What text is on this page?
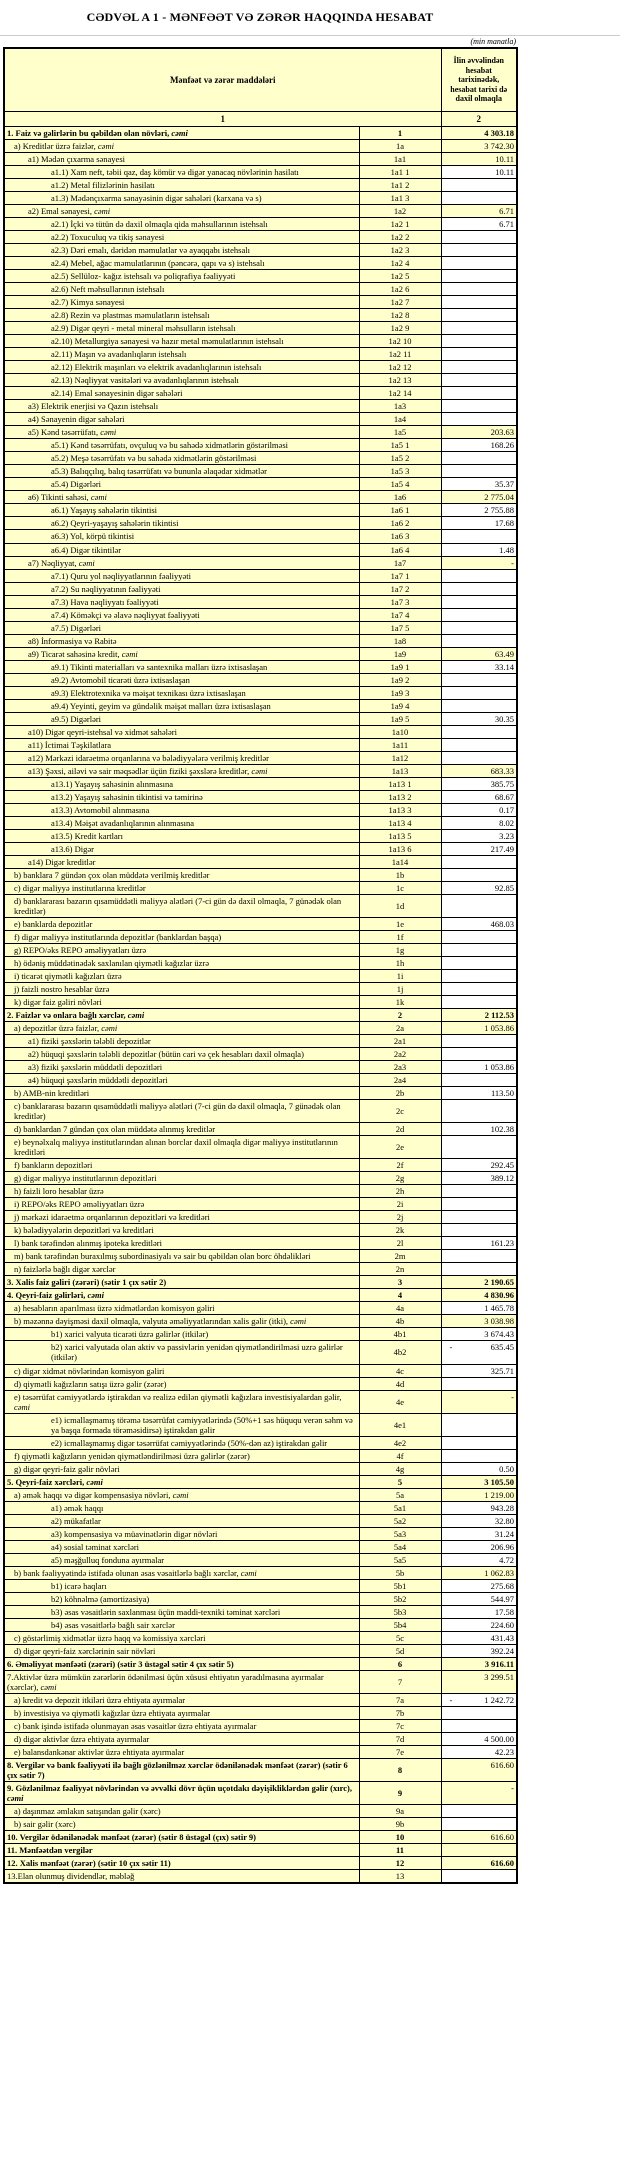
CƏDVƏL A 1 - MƏNFƏƏT VƏ ZƏRƏR HAQQINDA HESABAT
(min manatla)
Mənfəət və zərər maddələri		İlin əvvəlindən hesabat tarixinədək, hesabat tarixi də daxil olmaqla
1		2
1. Faiz və gəlirlərin bu qəbildən olan növləri, cəmi	1	4 303.18

a) Kreditlər üzrə faizlər, cəmi	1a	3 742.30

a1) Mədən çıxarma sənayesi	1a1	10.11

a1.1) Xam neft, təbii qaz, daş kömür və digər yanacaq növlərinin hasilatı	1a1 1	10.11

a1.2) Metal filizlərinin hasilatı	1a1 2	

a1.3) Mədənçıxarma sənayəsinin digər sahələri (karxana və s)	1a1 3	

a2) Emal sənayesi, cəmi	1a2	6.71

a2.1) İçki və tütün də daxil olmaqla qida məhsullarının istehsalı	1a2 1	6.71

a2.2) Toxuculuq və tikiş sənayesi	1a2 2	

a2.3) Dəri emalı, dəridən məmulatlar və ayaqqabı istehsalı	1a2 3	

a2.4) Mebel, ağac məmulatlarının (pəncərə, qapı və s) istehsalı	1a2 4	

a2.5) Sellüloz- kağız istehsalı və poliqrafiya fəaliyyəti	1a2 5	

a2.6) Neft məhsullarının istehsalı	1a2 6	

a2.7) Kimya sənayesi	1a2 7	

a2.8) Rezin və plastmas məmulatların istehsalı	1a2 8	

a2.9) Digər qeyri - metal mineral məhsulların istehsalı	1a2 9	

a2.10) Metallurgiya sənayesi və hazır metal məmulatlarının istehsalı	1a2 10	

a2.11) Maşın və avadanlıqların istehsalı	1a2 11	

a2.12) Elektrik maşınları və elektrik avadanlıqlarının istehsalı	1a2 12	

a2.13) Nəqliyyat vasitələri və avadanlıqlarının istehsalı	1a2 13	

a2.14) Emal sənayesinin digər sahələri	1a2 14	

a3) Elektrik enerjisi və Qazın istehsalı	1a3	

a4) Sənayenin digər sahələri	1a4	

a5) Kənd təsərrüfatı, cəmi	1a5	203.63

a5.1) Kənd təsərrüfatı, ovçuluq və bu sahədə xidmətlərin göstərilməsi	1a5 1	168.26

a5.2) Meşə təsərrüfatı və bu sahədə xidmətlərin göstərilməsi	1a5 2	

a5.3) Balıqçılıq, balıq təsərrüfatı və bununla əlaqədar xidmətlər	1a5 3	

a5.4) Digərləri	1a5 4	35.37

a6) Tikinti sahəsi, cəmi	1a6	2 775.04

a6.1) Yaşayış sahələrin tikintisi	1a6 1	2 755.88

a6.2) Qeyri-yaşayış sahələrin tikintisi	1a6 2	17.68

a6.3) Yol, körpü tikintisi	1a6 3	

a6.4) Digər tikintilər	1a6 4	1.48

a7) Nəqliyyat, cəmi	1a7	-

a7.1) Quru yol nəqliyyatlarının fəaliyyəti	1a7 1	

a7.2) Su nəqliyyatının fəaliyyəti	1a7 2	

a7.3) Hava nəqliyyatı fəaliyyəti	1a7 3	

a7.4) Köməkçi və əlavə nəqliyyat fəaliyyəti	1a7 4	

a7.5) Digərləri	1a7 5	

a8) İnformasiya və Rabitə	1a8	

a9) Ticarət sahəsinə kredit, cəmi	1a9	63.49

a9.1) Tikinti materialları və santexnika malları üzrə ixtisaslaşan	1a9 1	33.14

a9.2) Avtomobil ticarəti üzrə ixtisaslaşan	1a9 2	

a9.3) Elektrotexnika və məişət texnikası üzrə ixtisaslaşan	1a9 3	

a9.4) Yeyinti, geyim və gündəlik məişət malları üzrə ixtisaslaşan	1a9 4	

a9.5) Digərləri	1a9 5	30.35

a10) Digər qeyri-istehsal və xidmət sahələri	1a10	

a11) İctimai Təşkilatlara	1a11	

a12) Mərkəzi idarəetmə orqanlarına və bələdiyyələrə verilmiş kreditlər	1a12	

a13) Şəxsi, ailəvi və sair məqsədlər üçün fiziki şəxslərə kreditlər, cəmi	1a13	683.33

a13.1) Yaşayış sahəsinin alınmasına	1a13 1	385.75

a13.2) Yaşayış sahəsinin tikintisi və təmirinə	1a13 2	68.67

a13.3) Avtomobil alınmasına	1a13 3	0.17

a13.4) Məişət avadanlıqlarının alınmasına	1a13 4	8.02

a13.5) Kredit kartları	1a13 5	3.23

a13.6) Digər	1a13 6	217.49

a14) Digər kreditlər	1a14	

b) banklara 7 gündən çox olan müddətə verilmiş kreditlər	1b	

c) digər maliyyə institutlarına kreditlər	1c	92.85

d) banklararası bazarın qısamüddətli maliyyə alətləri (7-ci gün də daxil olmaqla, 7 günədək olan kreditlər)	1d	

e) banklarda depozitlər	1e	468.03

f) digər maliyyə institutlarında depozitlər (banklardan başqa)	1f	

g) REPO/əks REPO əməliyyatları üzrə	1g	

h) ödəniş müddətinədək saxlanılan qiymətli kağızlar üzrə	1h	

i) ticarət qiymətli kağızları üzrə	1i	

j) faizli nostro hesablar üzrə	1j	

k) digər faiz gəliri növləri	1k	

2. Faizlər və onlara bağlı xərclər, cəmi	2	2 112.53

a) depozitlər üzrə faizlər, cəmi	2a	1 053.86

a1) fiziki şəxslərin tələbli depozitlər	2a1	

a2) hüquqi şəxslərin tələbli depozitlər (bütün cari və çek hesabları daxil olmaqla)	2a2	

a3) fiziki şəxslərin müddətli depozitləri	2a3	1 053.86

a4) hüquqi şəxslərin müddətli depozitləri	2a4	

b) AMB-nin kreditləri	2b	113.50

c) banklararası bazarın qısamüddətli maliyyə alətləri (7-ci gün də daxil olmaqla, 7 günədək olan kreditlər)	2c	

d) banklardan 7 gündən çox olan müddətə alınmış kreditlər	2d	102.38

e) beynəlxalq maliyyə institutlarından alınan borclar daxil olmaqla digər maliyyə institutlarının kreditləri	2e	

f) bankların depozitləri	2f	292.45

g) digər maliyyə institutlarının depozitləri	2g	389.12

h) faizli loro hesablar üzrə	2h	

i) REPO/əks REPO əməliyyatları üzrə	2i	

j) mərkəzi idarəetmə orqanlarının depozitləri və kreditləri	2j	

k) bələdiyyələrin depozitləri və kreditləri	2k	

l) bank tərəfindən alınmış ipoteka kreditləri	2l	161.23

m) bank tərəfindən buraxılmış subordinasiyalı və sair bu qəbildən olan borc öhdəlikləri	2m	

n) faizlərlə bağlı digər xərclər	2n	

3. Xalis faiz gəliri (zərəri) (sətir 1 çıx sətir 2)	3	2 190.65

4. Qeyri-faiz gəlirləri, cəmi	4	4 830.96

a) hesabların aparılması üzrə xidmətlərdən komisyon gəliri	4a	1 465.78

b) məzənnə dəyişməsi daxil olmaqla, valyuta əməliyyatlarından xalis gəlir (itki), cəmi	4b	3 038.98

b1) xarici valyuta ticarəti üzrə gəlirlər (itkilər)	4b1	3 674.43

b2) xarici valyutada olan aktiv və passivlərin yenidən qiymətləndirilməsi uzrə gəlirlər (itkilər)	4b2	- 635.45

c) digər xidmət növlərindən komisyon gəliri	4c	325.71

d) qiymətli kağızların satışı üzrə gəlir (zərər)	4d	

e) təsərrüfat cəmiyyətlərdə iştirakdan və realizə edilən qiymətli kağızlara investisiyalardan gəlir, cəmi	4e	-

e1) icmallaşmamış törəmə təsərrüfat cəmiyyətlərində (50%+1 səs hüququ verən səhm və ya başqa formada törəməsidirsə) iştirakdan gəlir	4e1	

e2) icmallaşmamış digər təsərrüfat cəmiyyətlərində (50%-dən az) iştirakdan gəlir	4e2	

f) qiymətli kağızların yenidən qiymətləndirilməsi üzrə gəlirlər (zərər)	4f	

g) digər qeyri-faiz gəlir növləri	4g	0.50

5. Qeyri-faiz xərcləri, cəmi	5	3 105.50

a) əmək haqqı və digər kompensasiya növləri, cəmi	5a	1 219.00

a1) əmək haqqı	5a1	943.28

a2) mükafatlar	5a2	32.80

a3) kompensasiya və müavinətlərin digər növləri	5a3	31.24

a4) sosial təminat xərcləri	5a4	206.96

a5) məşğulluq fonduna ayırmalar	5a5	4.72

b) bank fəaliyyətində istifadə olunan əsas vəsaitlərlə bağlı xərclər, cəmi	5b	1 062.83

b1) icarə haqları	5b1	275.68

b2) köhnəlmə (amortizasiya)	5b2	544.97

b3) əsas vəsaitlərin saxlanması üçün maddi-texniki təminat xərcləri	5b3	17.58

b4) əsas vəsaitlərlə bağlı sair xərclər	5b4	224.60

c) göstərlimiş xidmətlər üzrə haqq və komissiya xərcləri	5c	431.43

d) digər qeyri-faiz xərclərinin sair növləri	5d	392.24

6. Əməliyyat mənfəəti (zərəri) (sətir 3 üstəgəl sətir 4 çıx sətir 5)	6	3 916.11

7.Aktivlər üzrə mümkün zərərlərin ödənilməsi üçün xüsusi ehtiyatın yaradılmasına ayırmalar (xərclər), cəmi	7	3 299.51

a) kredit və depozit itkiləri üzrə ehtiyata ayırmalar	7a	- 1 242.72

b) investisiya və qiymətli kağızlar üzrə ehtiyata ayırmalar	7b	

c) bank işində istifadə olunmayan əsas vəsaitlər üzrə ehtiyata ayırmalar	7c	

d) digər aktivlər üzrə ehtiyata ayırmalar	7d	4 500.00

e) balansdankənar aktivlər üzrə ehtiyata ayırmalar	7e	42.23

8. Vergilər və bank fəaliyyəti ilə bağlı gözlənilməz xərclər ödənilənədək mənfəət (zərər) (sətir 6 çıx sətir 7)	8	616.60

9. Gözlənilməz fəaliyyət növlərindən və əvvəlki dövr üçün uçotdakı dəyişikliklərdən gəlir (xırc), cəmi	9	-

a) daşınmaz əmlakın satışından gəlir (xərc)	9a	

b) sair gəlir (xərc)	9b	

10. Vergilər ödənilənədək mənfəət (zərər) (sətir 8 üstəgəl (çıx) sətir 9)	10	616.60

11. Mənfəətdən vergilər	11	

12. Xalis mənfəət (zərər) (sətir 10 çıx sətir 11)	12	616.60

13.Elan olunmuş dividendlər, məbləğ	13	
